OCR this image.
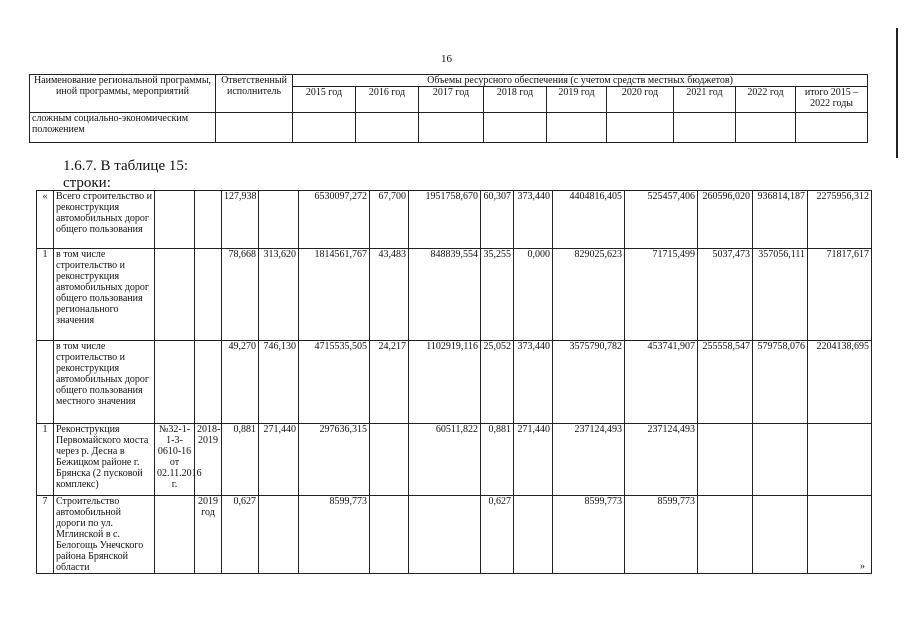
16
Наименование региональной программы, иной программы, мероприятий	Ответственный исполнитель	Объемы ресурсного обеспечения (с учетом средств местных бюджетов)								
		2015 год	2016 год	2017 год	2018 год	2019 год	2020 год	2021 год	2022 год	итого 2015 – 2022 годы
сложным социально-экономическим положением										
1.6.7. В таблице 15:
строки:
«	Всего строительство и реконструкция автомобильных дорог общего пользования			127,938		6530097,272	67,700	1951758,670	60,307	373,440	4404816,405	525457,406	260596,020	936814,187	2275956,312
1	в том числе строительство и реконструкция автомобильных дорог общего пользования регионального значения			78,668	313,620	1814561,767	43,483	848839,554	35,255	0,000	829025,623	71715,499	5037,473	357056,111	71817,617
	в том числе строительство и реконструкция автомобильных дорог общего пользования местного значения			49,270	746,130	4715535,505	24,217	1102919,116	25,052	373,440	3575790,782	453741,907	255558,547	579758,076	2204138,695
1	Реконструкция Первомайского моста через р. Десна в Бежицком районе г. Брянска (2 пусковой комплекс)	№32-1-1-3-0610-16 от 02.11.2016 г.	2018-2019	0,881	271,440	297636,315		60511,822	0,881	271,440	237124,493	237124,493			
7	Строительство автомобильной дороги по ул. Мглинской в с. Белогощь Унечского района Брянской области		2019 год	0,627		8599,773			0,627		8599,773	8599,773			
»
